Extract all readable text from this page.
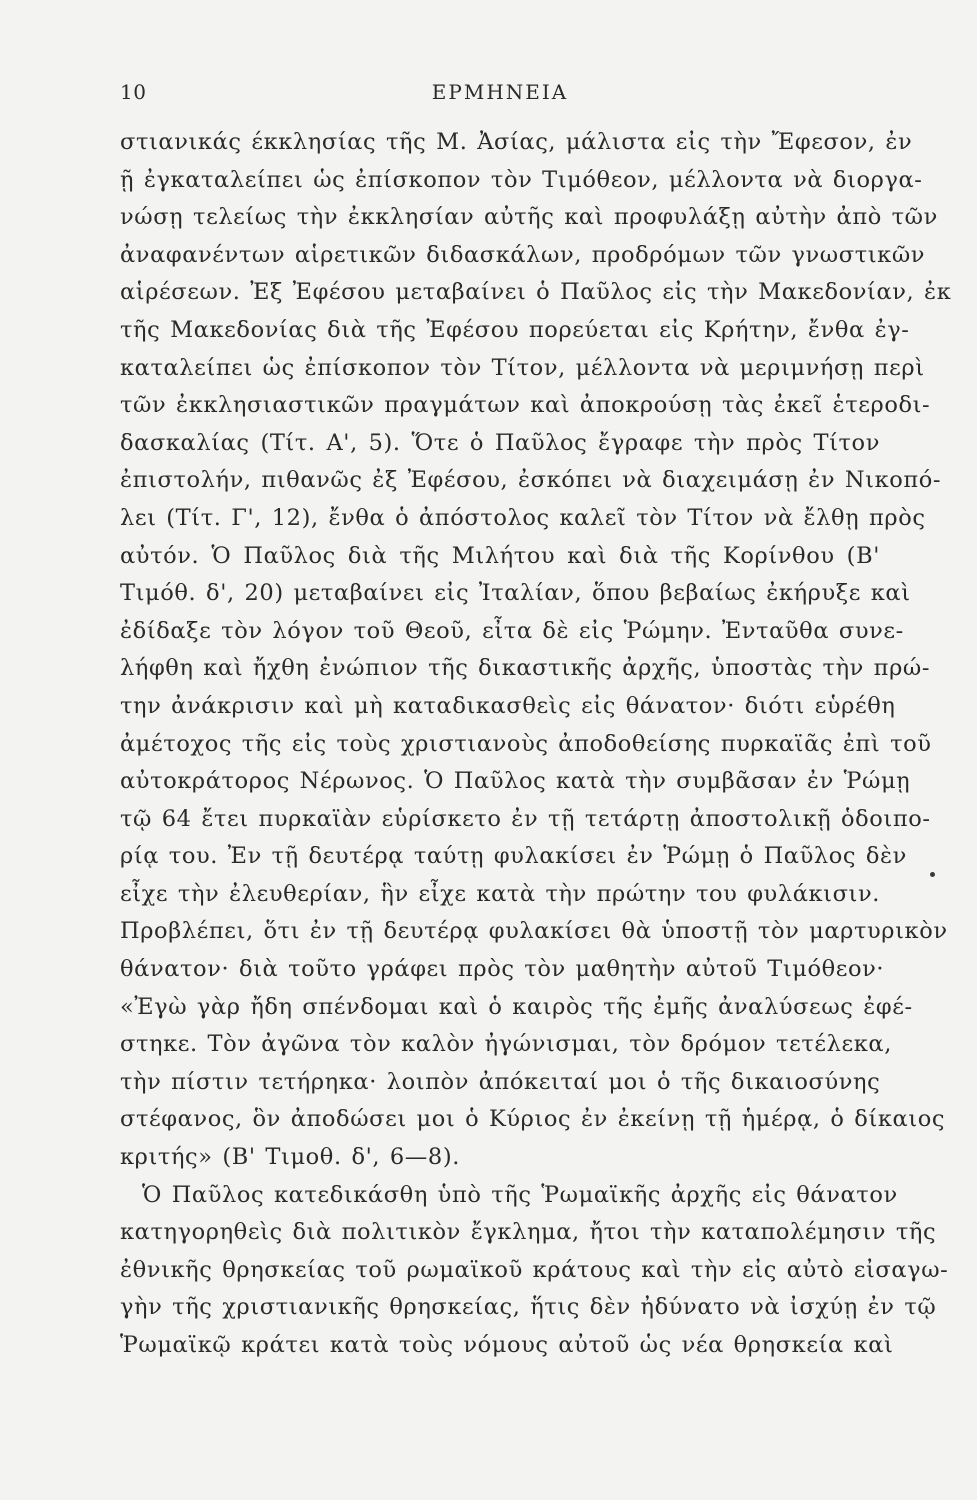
10	ΕΡΜΗΝΕΙΑ
στιανικάς έκκλησίας τῆς Μ. Ἀσίας, μάλιστα εἰς τὴν Ἔφεσον, ἐν
ῇ ἐγκαταλείπει ὡς ἐπίσκοπον τὸν Τιμόθεον, μέλλοντα νὰ διοργα-
νώσῃ τελείως τὴν ἐκκλησίαν αὐτῆς καὶ προφυλάξῃ αὐτὴν ἀπὸ τῶν
ἀναφανέντων αἱρετικῶν διδασκάλων, προδρόμων τῶν γνωστικῶν
αἱρέσεων. Ἐξ Ἐφέσου μεταβαίνει ὁ Παῦλος εἰς τὴν Μακεδονίαν, ἐκ
τῆς Μακεδονίας διὰ τῆς Ἐφέσου πορεύεται εἰς Κρήτην, ἔνθα ἐγ-
καταλείπει ὡς ἐπίσκοπον τὸν Τίτον, μέλλοντα νὰ μεριμνήσῃ περὶ
τῶν ἐκκλησιαστικῶν πραγμάτων καὶ ἀποκρούσῃ τὰς ἐκεῖ ἑτεροδι-
δασκαλίας (Τίτ. Α', 5). Ὅτε ὁ Παῦλος ἔγραφε τὴν πρὸς Τίτον
ἐπιστολήν, πιθανῶς ἐξ Ἐφέσου, ἐσκόπει νὰ διαχειμάσῃ ἐν Νικοπό-
λει (Τίτ. Γ', 12), ἔνθα ὁ ἀπόστολος καλεῖ τὸν Τίτον νὰ ἔλθῃ πρὸς
αὐτόν. Ὁ Παῦλος διὰ τῆς Μιλήτου καὶ διὰ τῆς Κορίνθου (Β'
Τιμόθ. δ', 20) μεταβαίνει εἰς Ἰταλίαν, ὅπου βεβαίως ἐκήρυξε καὶ
ἐδίδαξε τὸν λόγον τοῦ Θεοῦ, εἶτα δὲ εἰς Ῥώμην. Ἐνταῦθα συνε-
λήφθη καὶ ἤχθη ἐνώπιον τῆς δικαστικῆς ἀρχῆς, ὑποστὰς τὴν πρώ-
την ἀνάκρισιν καὶ μὴ καταδικασθεὶς εἰς θάνατον· διότι εὑρέθη
ἀμέτοχος τῆς εἰς τοὺς χριστιανοὺς ἀποδοθείσης πυρκαϊᾶς ἐπὶ τοῦ
αὐτοκράτορος Νέρωνος. Ὁ Παῦλος κατὰ τὴν συμβᾶσαν ἐν Ῥώμῃ
τῷ 64 ἔτει πυρκαϊὰν εὑρίσκετο ἐν τῇ τετάρτῃ ἀποστολικῇ ὁδοιπο-
ρίᾳ του. Ἐν τῇ δευτέρᾳ ταύτῃ φυλακίσει ἐν Ῥώμῃ ὁ Παῦλος δὲν
εἶχε τὴν ἐλευθερίαν, ἣν εἶχε κατὰ τὴν πρώτην του φυλάκισιν.
Προβλέπει, ὅτι ἐν τῇ δευτέρᾳ φυλακίσει θὰ ὑποστῇ τὸν μαρτυρικὸν
θάνατον· διὰ τοῦτο γράφει πρὸς τὸν μαθητὴν αὐτοῦ Τιμόθεον·
«Ἐγὼ γὰρ ἤδη σπένδομαι καὶ ὁ καιρὸς τῆς ἐμῆς ἀναλύσεως ἐφέ-
στηκε. Τὸν ἀγῶνα τὸν καλὸν ἠγώνισμαι, τὸν δρόμον τετέλεκα,
τὴν πίστιν τετήρηκα· λοιπὸν ἀπόκειταί μοι ὁ τῆς δικαιοσύνης
στέφανος, ὃν ἀποδώσει μοι ὁ Κύριος ἐν ἐκείνῃ τῇ ἡμέρᾳ, ὁ δίκαιος
κριτής» (Β' Τιμοθ. δ', 6—8).
Ὁ Παῦλος κατεδικάσθη ὑπὸ τῆς Ῥωμαϊκῆς ἀρχῆς εἰς θάνατον
κατηγορηθεὶς διὰ πολιτικὸν ἔγκλημα, ἤτοι τὴν καταπολέμησιν τῆς
ἐθνικῆς θρησκείας τοῦ ρωμαϊκοῦ κράτους καὶ τὴν εἰς αὐτὸ εἰσαγω-
γὴν τῆς χριστιανικῆς θρησκείας, ἥτις δὲν ἠδύνατο νὰ ἰσχύῃ ἐν τῷ
Ῥωμαϊκῷ κράτει κατὰ τοὺς νόμους αὐτοῦ ὡς νέα θρησκεία καὶ
